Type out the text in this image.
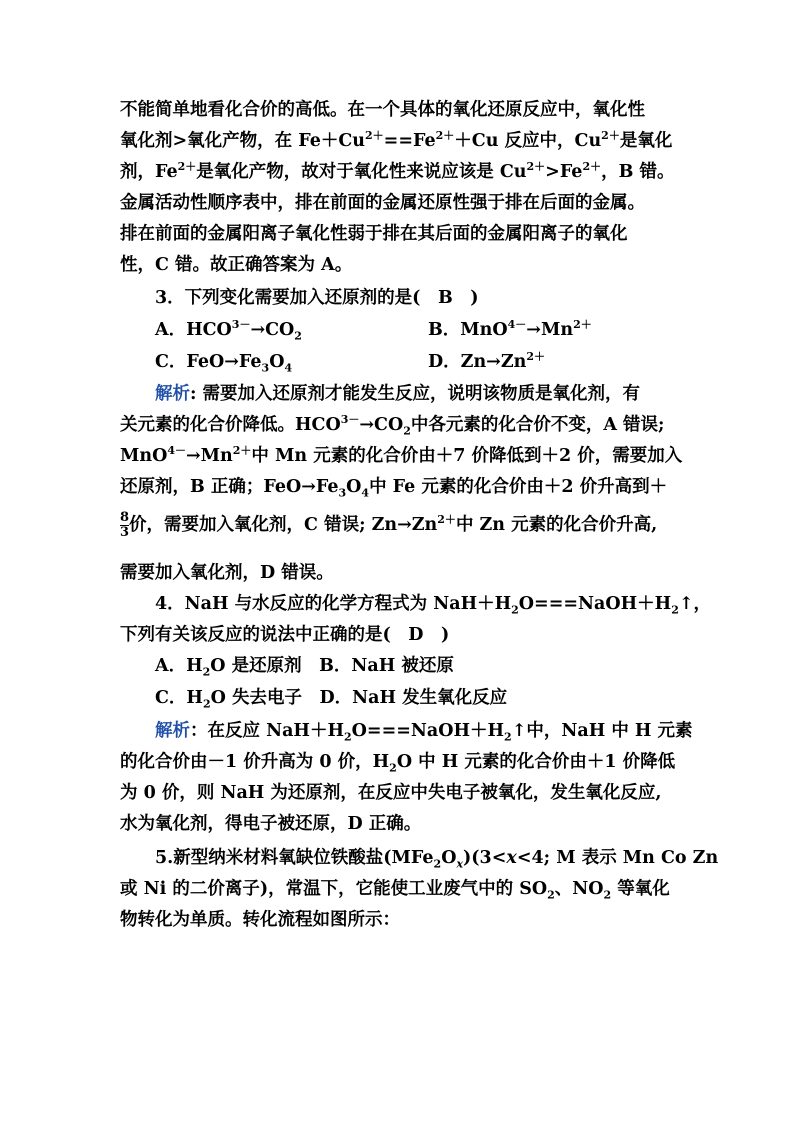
不能简单地看化合价的高低。在一个具体的氧化还原反应中，氧化性
氧化剂>氧化产物，在 $Fe+Cu^{2+}==Fe^{2+}+Cu$ 反应中，$Cu^{2+}$是氧化
剂，$Fe^{2+}$是氧化产物，故对于氧化性来说应该是 $Cu^{2+}>Fe^{2+}$，B 错。
金属活动性顺序表中，排在前面的金属还原性强于排在后面的金属。
排在前面的金属阳离子氧化性弱于排在其后面的金属阳离子的氧化
性，C 错。故正确答案为 A。
3．下列变化需要加入还原剂的是(　B　)
A．$HCO^{3-}\to CO_2$	B．$MnO^{4-}\to Mn^{2+}$
C．$FeO\to Fe_3O_4$	D．$Zn\to Zn^{2+}$
解析: 需要加入还原剂才能发生反应，说明该物质是氧化剂，有
关元素的化合价降低。$HCO^{3-}\to CO_2$中各元素的化合价不变，A 错误;
$MnO^{4-}\to Mn^{2+}$中 Mn 元素的化合价由＋7 价降低到＋2 价，需要加入
还原剂，B 正确；$FeO\to Fe_3O_4$中 Fe 元素的化合价由＋2 价升高到＋
$\frac{8}{3}$ 价，需要加入氧化剂，C 错误; $Zn\to Zn^{2+}$中 Zn 元素的化合价升高,
需要加入氧化剂，D 错误。
4．NaH 与水反应的化学方程式为 $NaH+H_2O===NaOH+H_2↑$，
下列有关该反应的说法中正确的是(　D　)
A．$H_2O$ 是还原剂　B．NaH 被还原
C．$H_2O$ 失去电子　D．NaH 发生氧化反应
解析：在反应 $NaH+H_2O===NaOH+H_2↑$中，NaH 中 H 元素
的化合价由－1 价升高为 0 价，$H_2O$ 中 H 元素的化合价由＋1 价降低
为 0 价，则 NaH 为还原剂，在反应中失电子被氧化，发生氧化反应,
水为氧化剂，得电子被还原，D 正确。
5.新型纳米材料氧缺位铁酸盐$(MFe_2O_x)(3<x<4$; M 表示 Mn Co Zn
或 Ni 的二价离子)，常温下，它能使工业废气中的 $SO_2$、$NO_2$ 等氧化
物转化为单质。转化流程如图所示：
